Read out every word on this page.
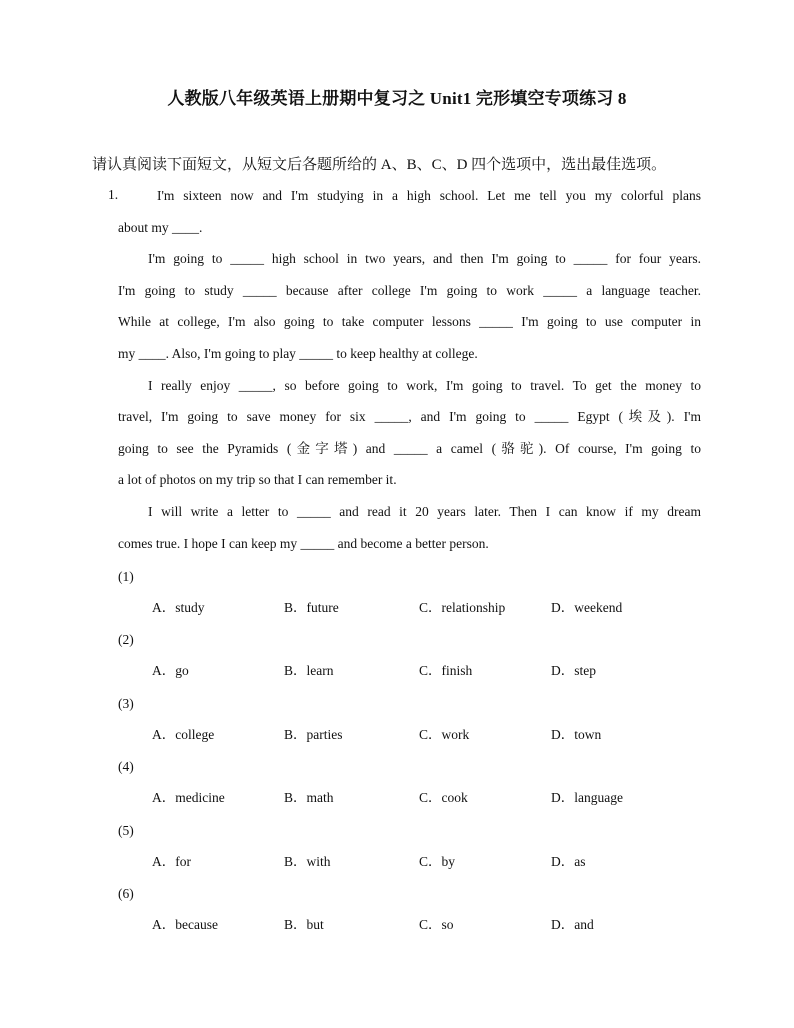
人教版八年级英语上册期中复习之 Unit1 完形填空专项练习 8
请认真阅读下面短文，从短文后各题所给的 A、B、C、D 四个选项中，选出最佳选项。
1.	I'm sixteen now and I'm studying in a high school. Let me tell you my colorful plans
about my ____.
I'm going to _____ high school in two years, and then I'm going to _____ for four years.
I'm going to study _____ because after college I'm going to work _____ a language teacher.
While at college, I'm also going to take computer lessons _____ I'm going to use computer in
my ____. Also, I'm going to play _____ to keep healthy at college.
I really enjoy _____, so before going to work, I'm going to travel. To get the money to
travel, I'm going to save money for six _____, and I'm going to _____ Egypt (埃及). I'm
going to see the Pyramids (金字塔) and _____ a camel (骆驼). Of course, I'm going to
a lot of photos on my trip so that I can remember it.
I will write a letter to _____ and read it 20 years later. Then I can know if my dream
comes true. I hope I can keep my _____ and become a better person.
(1)
A．study	B．future	C．relationship	D．weekend
(2)
A．go	B．learn	C．finish	D．step
(3)
A．college	B．parties	C．work	D．town
(4)
A．medicine	B．math	C．cook	D．language
(5)
A．for	B．with	C．by	D．as
(6)
A．because	B．but	C．so	D．and
